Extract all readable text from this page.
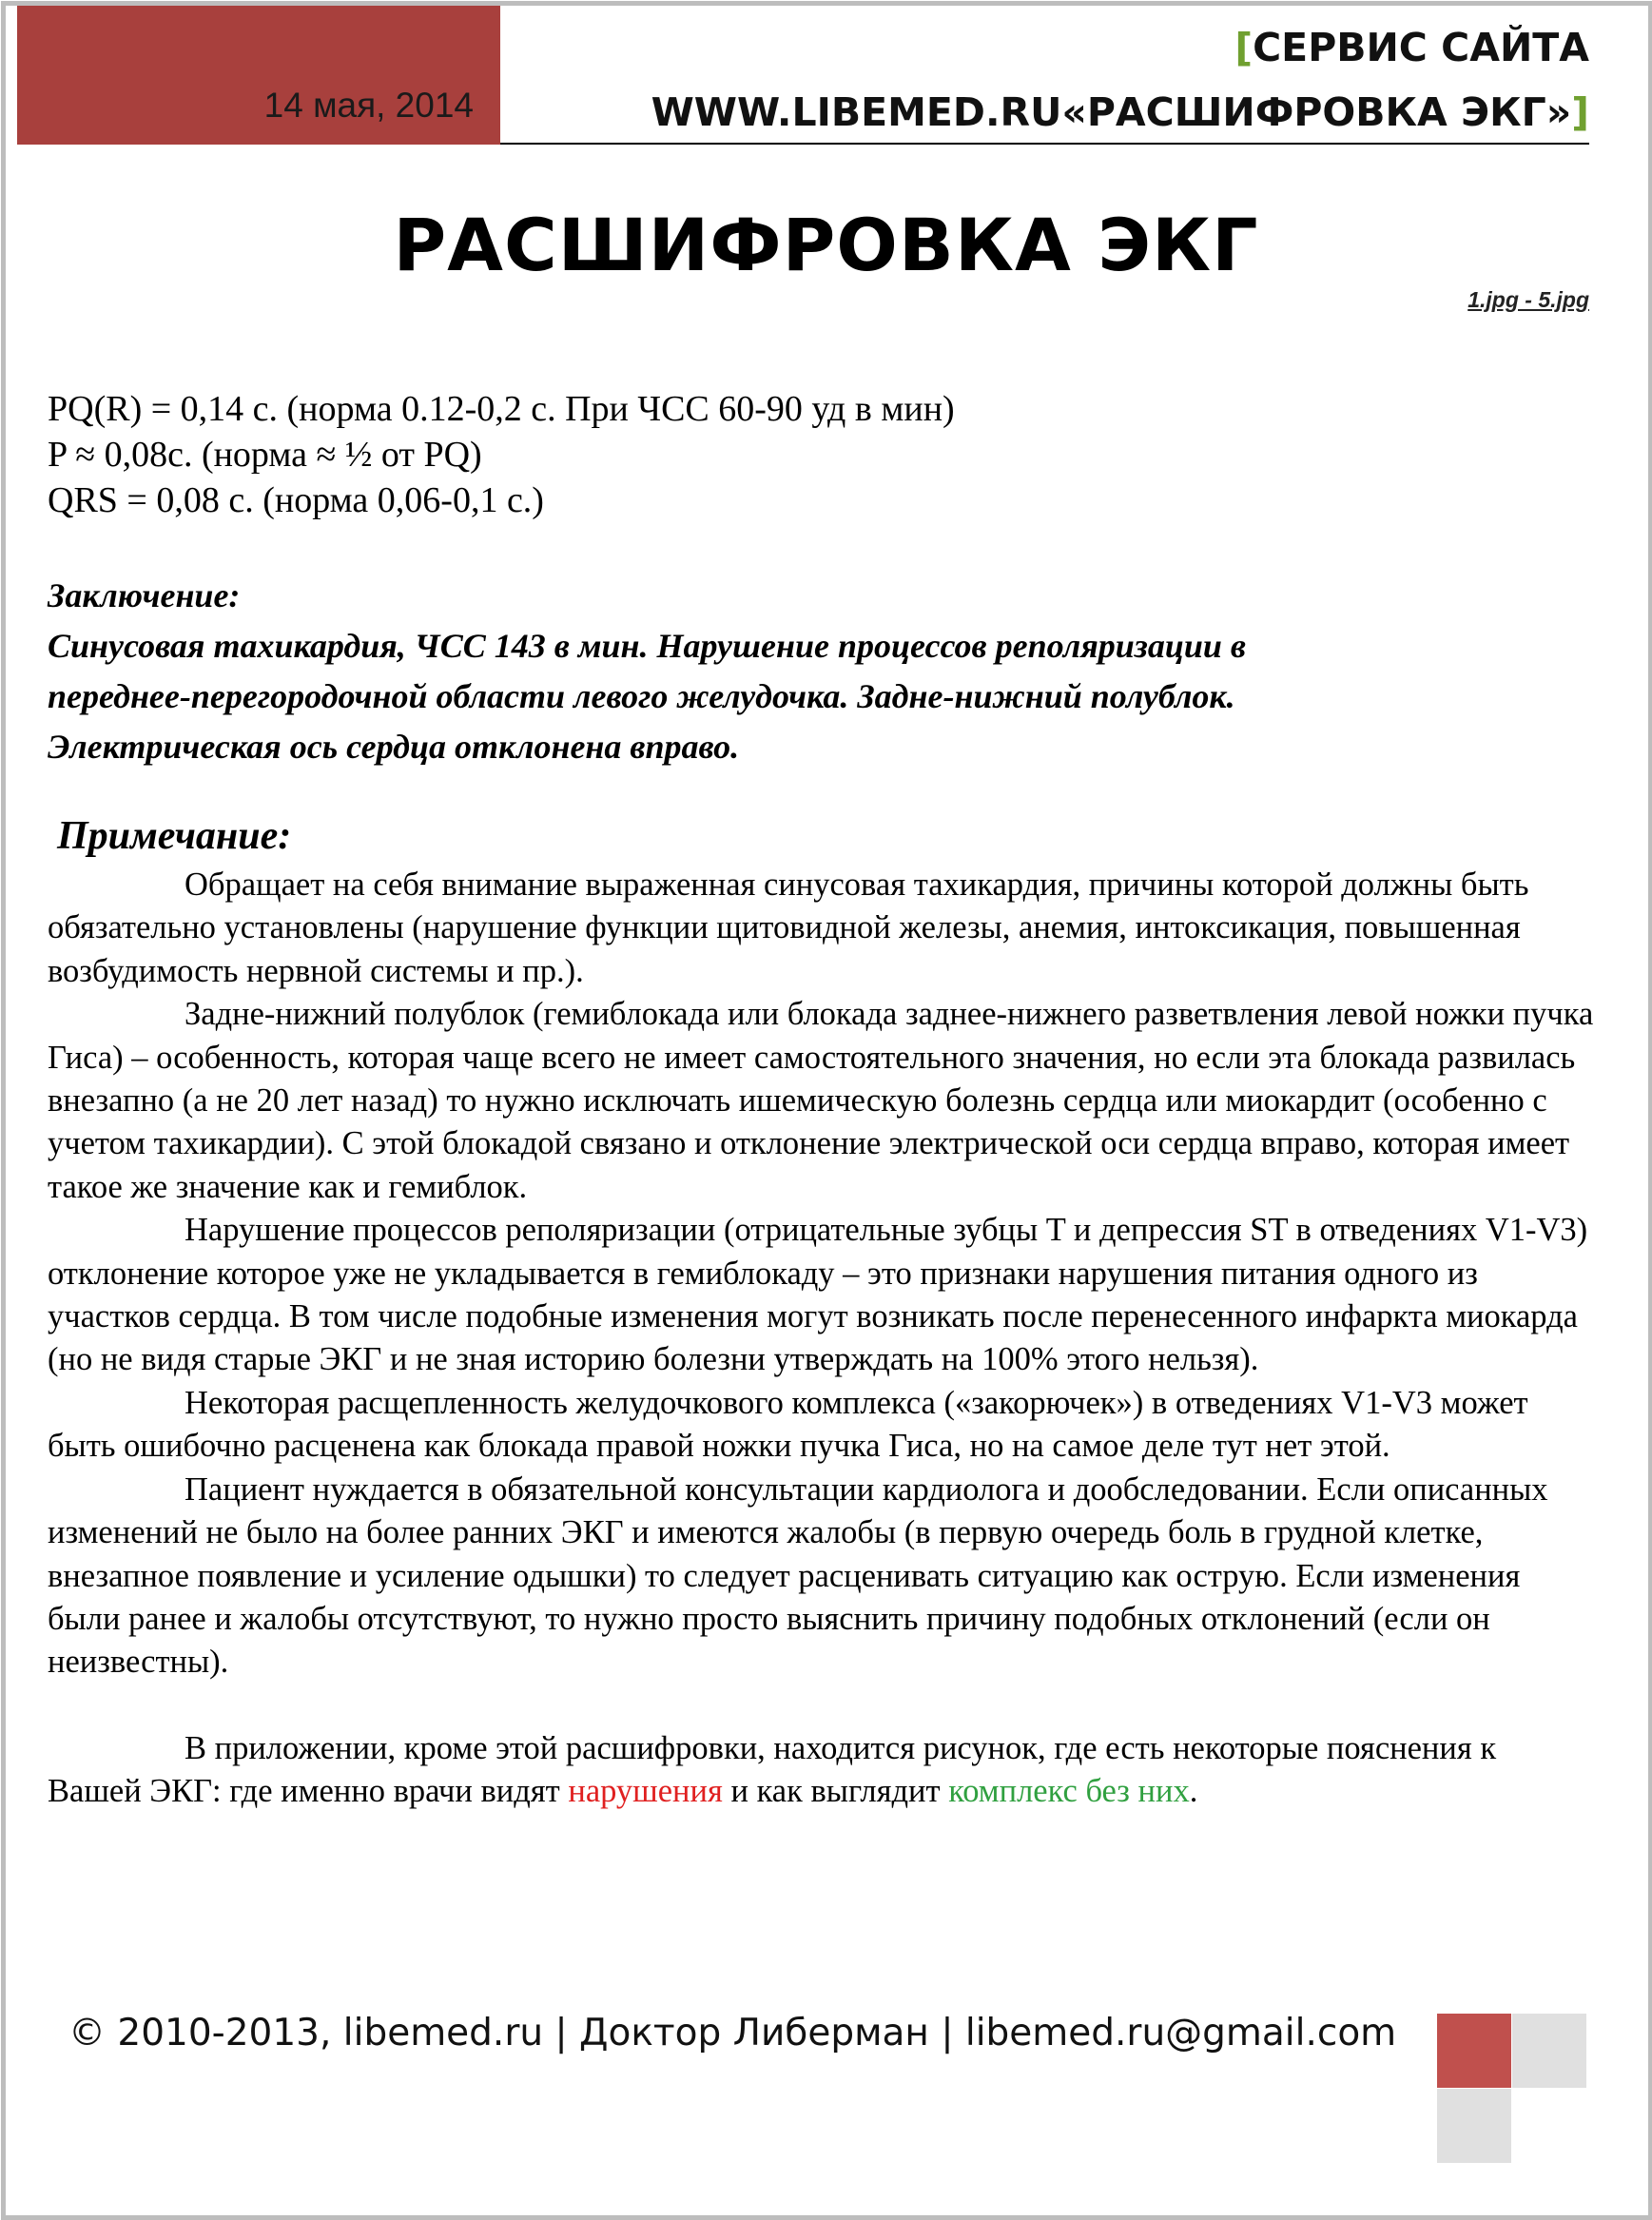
14 мая, 2014
[СЕРВИС САЙТА
WWW.LIBEMED.RU«РАСШИФРОВКА ЭКГ»]
РАСШИФРОВКА ЭКГ
1.jpg - 5.jpg
PQ(R) = 0,14 с. (норма 0.12-0,2 с. При ЧСС 60-90 уд в мин)
P ≈ 0,08с. (норма ≈ ½ от PQ)
QRS = 0,08 с. (норма 0,06-0,1 с.)
Заключение:
Синусовая тахикардия, ЧСС 143 в мин. Нарушение процессов реполяризации в
переднее-перегородочной области левого желудочка. Задне-нижний полублок.
Электрическая ось сердца отклонена вправо.
Примечание:

Обращает на себя внимание выраженная синусовая тахикардия, причины которой должны быть обязательно установлены (нарушение функции щитовидной железы, анемия, интоксикация, повышенная возбудимость нервной системы и пр.).

Задне-нижний полублок (гемиблокада или блокада заднее-нижнего разветвления левой ножки пучка Гиса) – особенность, которая чаще всего не имеет самостоятельного значения, но если эта блокада развилась внезапно (а не 20 лет назад) то нужно исключать ишемическую болезнь сердца или миокардит (особенно с учетом тахикардии). С этой блокадой связано и отклонение электрической оси сердца вправо, которая имеет такое же значение как и гемиблок.

Нарушение процессов реполяризации (отрицательные зубцы T и депрессия ST в отведениях V1-V3) отклонение которое уже не укладывается в гемиблокаду – это признаки нарушения питания одного из участков сердца. В том числе подобные изменения могут возникать после перенесенного инфаркта миокарда (но не видя старые ЭКГ и не зная историю болезни утверждать на 100% этого нельзя).

Некоторая расщепленность желудочкового комплекса («закорючек») в отведениях V1-V3 может быть ошибочно расценена как блокада правой ножки пучка Гиса, но на самое деле тут нет этой.

Пациент нуждается в обязательной консультации кардиолога и дообследовании. Если описанных изменений не было на более ранних ЭКГ и имеются жалобы (в первую очередь боль в грудной клетке, внезапное появление и усиление одышки) то следует расценивать ситуацию как острую. Если изменения были ранее и жалобы отсутствуют, то нужно просто выяснить причину подобных отклонений (если он неизвестны).

В приложении, кроме этой расшифровки, находится рисунок, где есть некоторые пояснения к Вашей ЭКГ: где именно врачи видят нарушения и как выглядит комплекс без них.

© 2010-2013, libemed.ru | Доктор Либерман | libemed.ru@gmail.com
